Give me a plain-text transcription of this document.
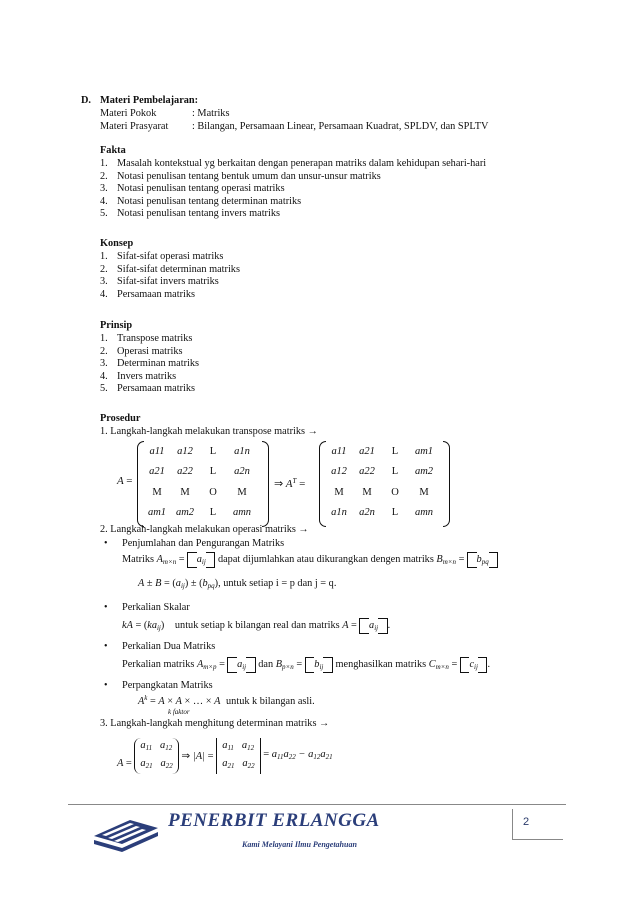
D. Materi Pembelajaran:
Materi Pokok	: Matriks
Materi Prasyarat : Bilangan, Persamaan Linear, Persamaan Kuadrat, SPLDV, dan SPLTV
Fakta
1. Masalah kontekstual yg berkaitan dengan penerapan matriks dalam kehidupan sehari-hari
2. Notasi penulisan tentang bentuk umum dan unsur-unsur matriks
3. Notasi penulisan tentang operasi matriks
4. Notasi penulisan tentang determinan matriks
5. Notasi penulisan tentang invers matriks
Konsep
1. Sifat-sifat operasi matriks
2. Sifat-sifat determinan matriks
3. Sifat-sifat invers matriks
4. Persamaan matriks
Prinsip
1. Transpose matriks
2. Operasi matriks
3. Determinan matriks
4. Invers matriks
5. Persamaan matriks
Prosedur
1. Langkah-langkah melakukan transpose matriks →
A =
a11	a12	L	a1n
a21	a22	L	a2n
M	M	O	M
am1	am2	L	amn
⇒ $A^T$ =
a11	a21	L	am1
a12	a22	L	am2
M	M	O	M
a1n	a2n	L	amn
2. Langkah-langkah melakukan operasi matriks →
• Penjumlahan dan Pengurangan Matriks
Matriks $A_{m\times n} = a_{ij}$ dapat dijumlahkan atau dikurangkan dengen matriks $B_{m\times n} = b_{pq}$
$A \pm B = (a_{ij}) \pm (b_{pq})$, untuk setiap i = p dan j = q.
• Perkalian Skalar
kA = $(ka_{ij})$ untuk setiap k bilangan real dan matriks $A = a_{ij}$ .
• Perkalian Dua Matriks
Perkalian matriks $A_{m\times p} = a_{ij}$ dan $B_{p\times n} = b_{ij}$ menghasilkan matriks $C_{m\times n} = c_{ij}$ .
• Perpangkatan Matriks
$A^k = A \times A$ × … × A untuk k bilangan asli.
k faktor
3. Langkah-langkah menghitung determinan matriks →
$A = a_{11}$   $a_{12}$
$a_{21}$   $a_{22}$ ⇒ $|A| = a_{11}$   $a_{12}$
$a_{21}$   $a_{22} = a_{11}a_{22} - a_{12}a_{21}$
PENERBIT ERLANGGA
Kami Melayani Ilmu Pengetahuan
2
